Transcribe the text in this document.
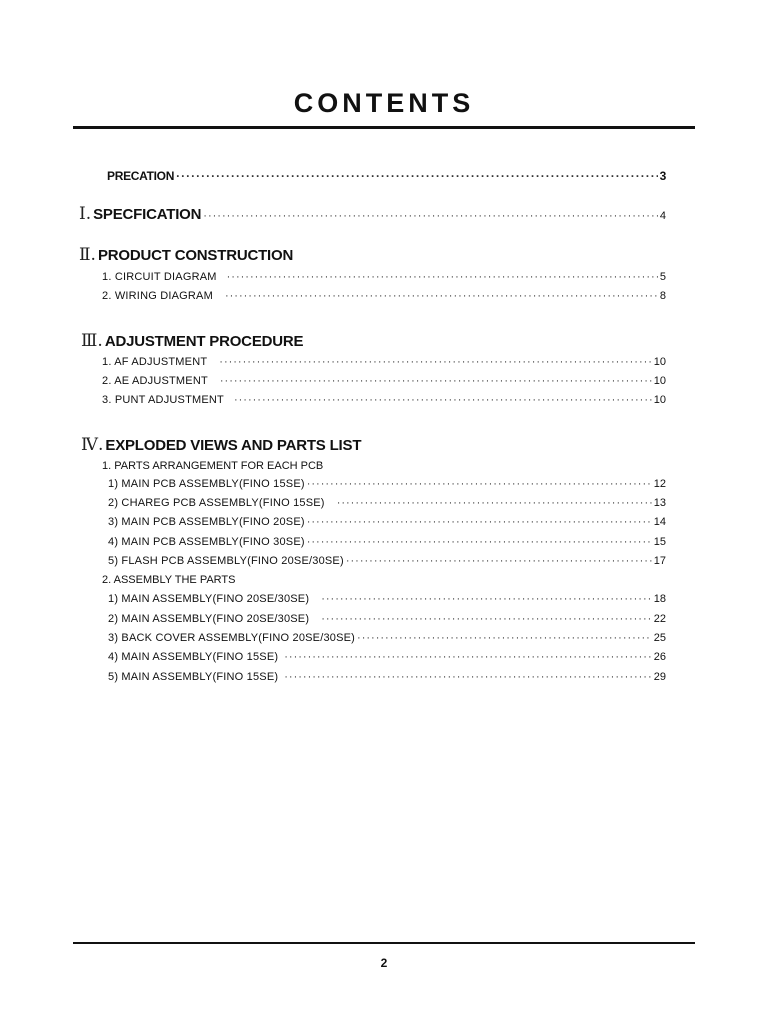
CONTENTS
PRECATION ·····	3
Ⅰ. SPECFICATION ·····	4
Ⅱ. PRODUCT CONSTRUCTION
1. CIRCUIT DIAGRAM ·····	5
2. WIRING DIAGRAM ·····	8
Ⅲ. ADJUSTMENT PROCEDURE
1. AF ADJUSTMENT ·····	10
2. AE ADJUSTMENT ·····	10
3. PUNT ADJUSTMENT ·····	10
Ⅳ. EXPLODED VIEWS AND PARTS LIST
1. PARTS ARRANGEMENT FOR EACH PCB
1) MAIN PCB ASSEMBLY(FINO 15SE) ·····	12
2) CHAREG PCB ASSEMBLY(FINO 15SE) ·····	13
3) MAIN PCB ASSEMBLY(FINO 20SE) ·····	14
4) MAIN PCB ASSEMBLY(FINO 30SE) ·····	15
5) FLASH PCB ASSEMBLY(FINO 20SE/30SE) ·····	17
2. ASSEMBLY THE PARTS
1) MAIN ASSEMBLY(FINO 20SE/30SE) ·····	18
2) MAIN ASSEMBLY(FINO 20SE/30SE) ·····	22
3) BACK COVER ASSEMBLY(FINO 20SE/30SE) ·····	25
4) MAIN ASSEMBLY(FINO 15SE) ·····	26
5) MAIN ASSEMBLY(FINO 15SE) ·····	29
2
